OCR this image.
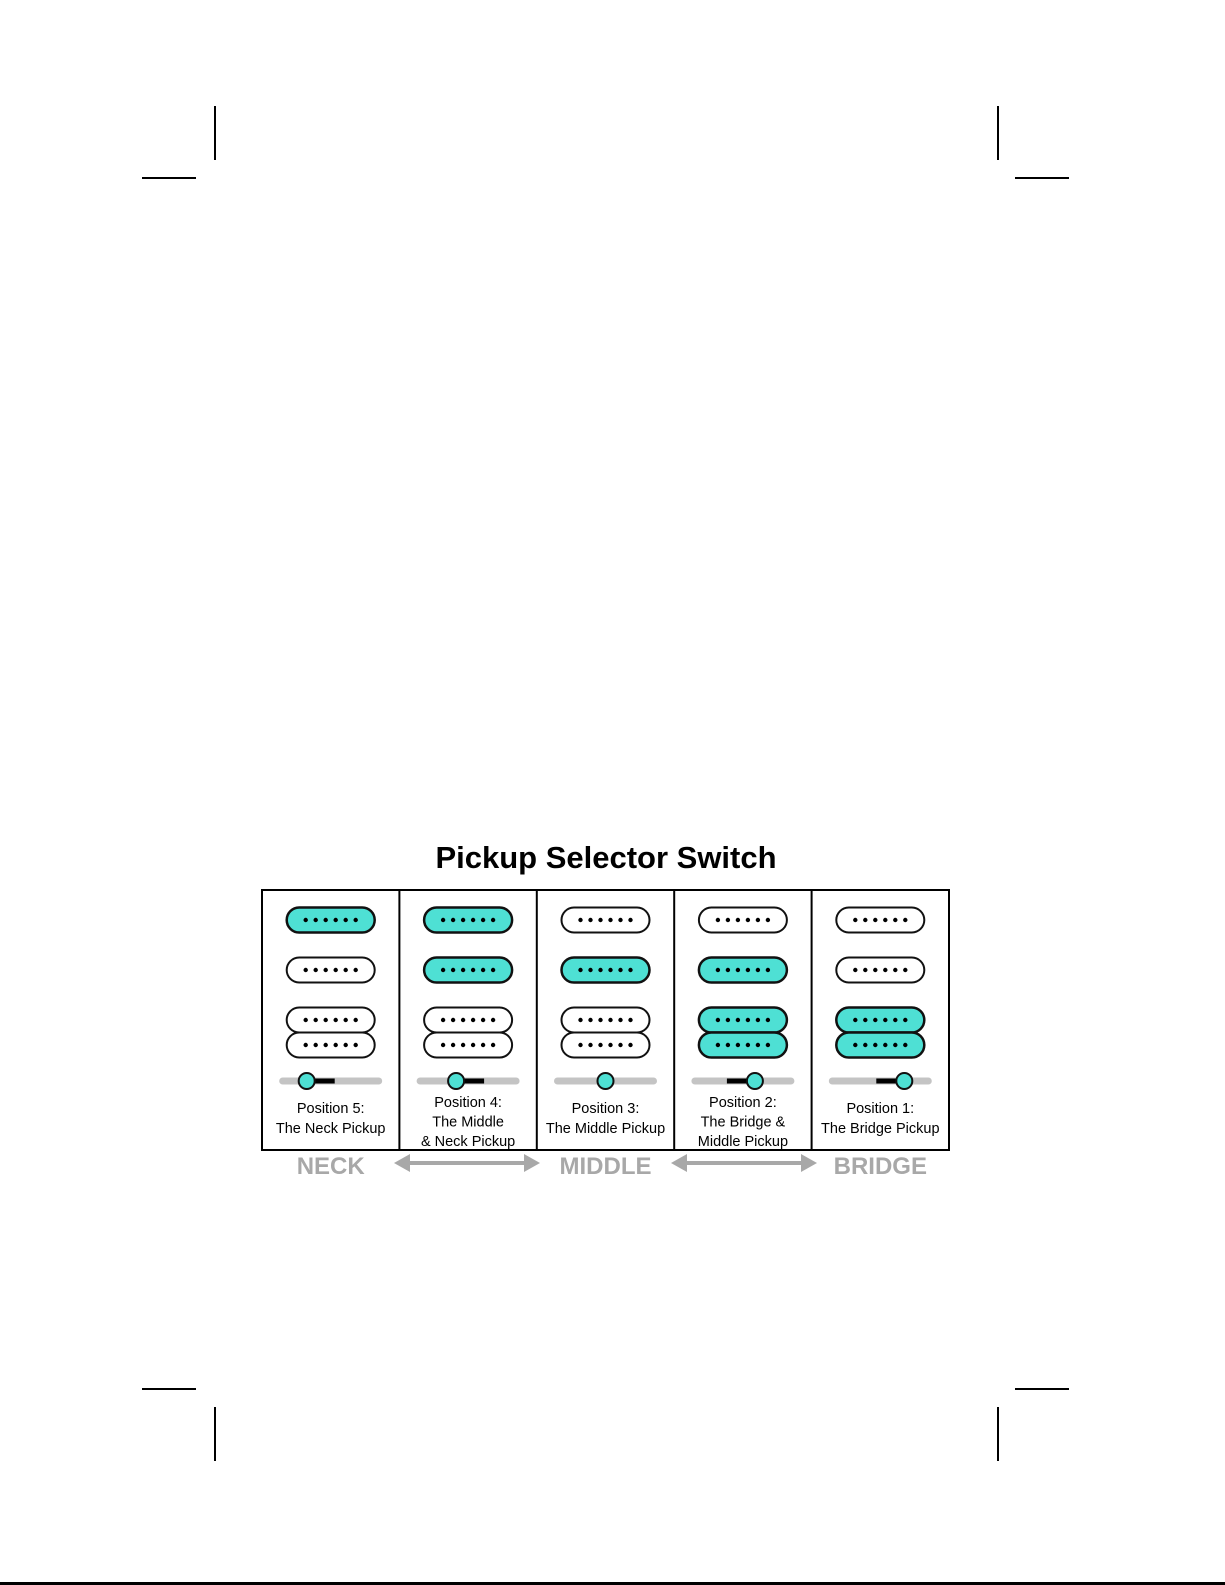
Pickup Selector Switch
Position 5:
The Neck Pickup
Position 4:
The Middle
& Neck Pickup
Position 3:
The Middle Pickup
Position 2:
The Bridge &
Middle Pickup
Position 1:
The Bridge Pickup
NECK	MIDDLE	BRIDGE
